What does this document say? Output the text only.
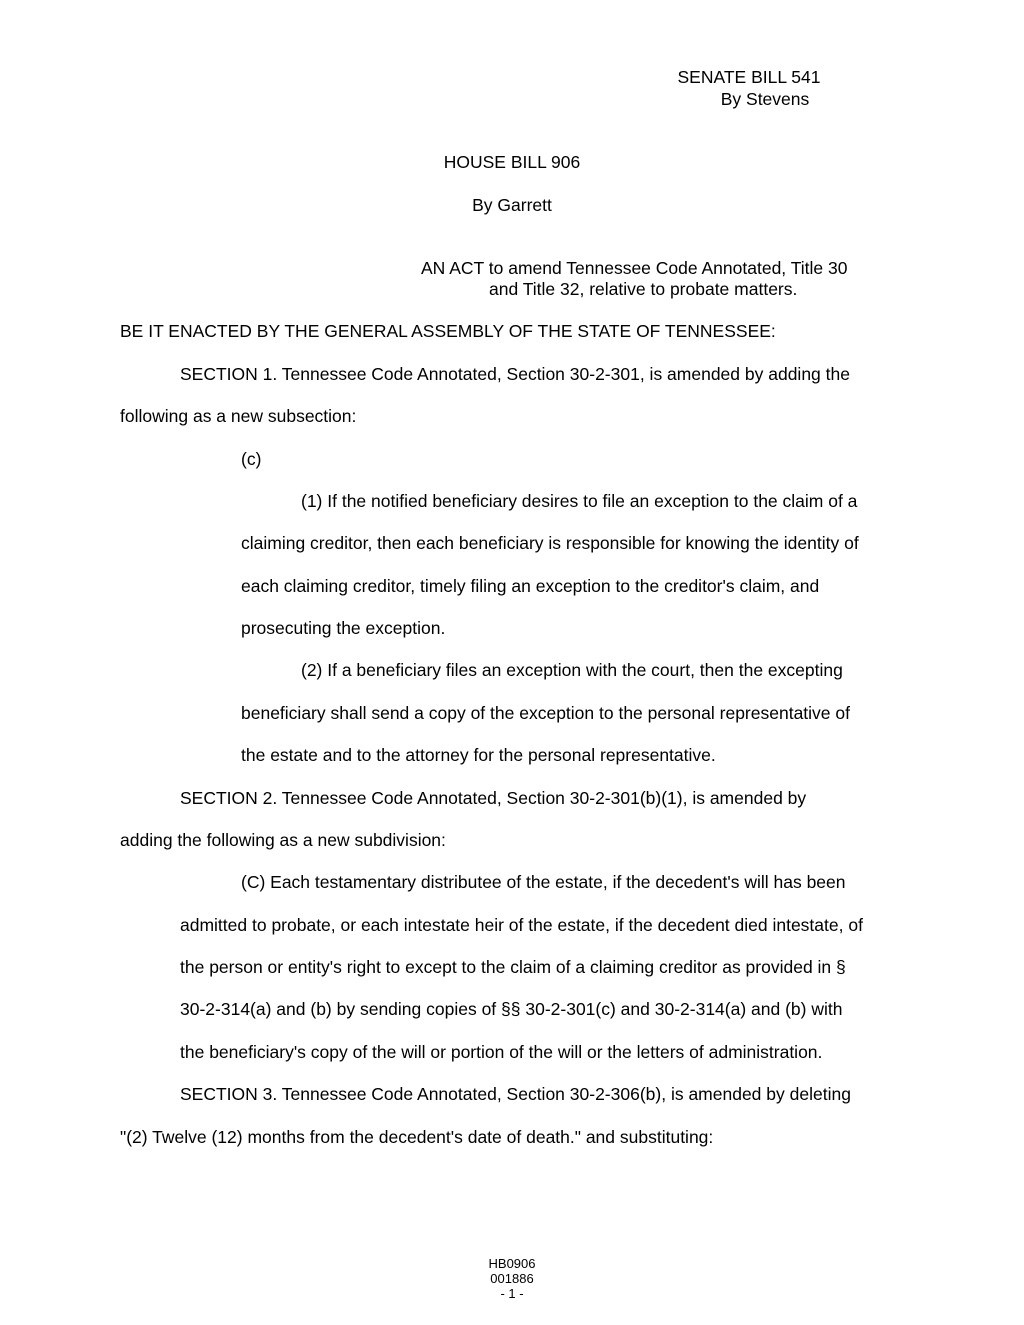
SENATE BILL 541
By Stevens
HOUSE BILL 906
By Garrett
AN ACT to amend Tennessee Code Annotated, Title 30
and Title 32, relative to probate matters.
BE IT ENACTED BY THE GENERAL ASSEMBLY OF THE STATE OF TENNESSEE:
SECTION 1. Tennessee Code Annotated, Section 30-2-301, is amended by adding the
following as a new subsection:
(c)
(1) If the notified beneficiary desires to file an exception to the claim of a
claiming creditor, then each beneficiary is responsible for knowing the identity of
each claiming creditor, timely filing an exception to the creditor's claim, and
prosecuting the exception.
(2) If a beneficiary files an exception with the court, then the excepting
beneficiary shall send a copy of the exception to the personal representative of
the estate and to the attorney for the personal representative.
SECTION 2. Tennessee Code Annotated, Section 30-2-301(b)(1), is amended by
adding the following as a new subdivision:
(C) Each testamentary distributee of the estate, if the decedent's will has been
admitted to probate, or each intestate heir of the estate, if the decedent died intestate, of
the person or entity's right to except to the claim of a claiming creditor as provided in §
30-2-314(a) and (b) by sending copies of §§ 30-2-301(c) and 30-2-314(a) and (b) with
the beneficiary's copy of the will or portion of the will or the letters of administration.
SECTION 3. Tennessee Code Annotated, Section 30-2-306(b), is amended by deleting
"(2) Twelve (12) months from the decedent's date of death." and substituting:
HB0906
001886
- 1 -
